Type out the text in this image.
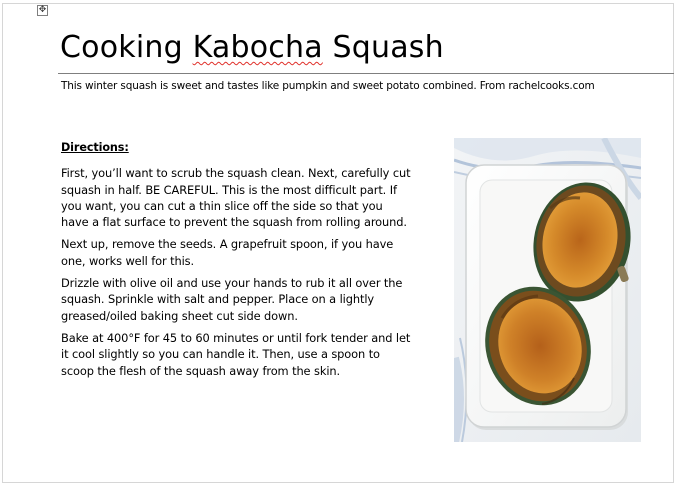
✥
Cooking Kabocha Squash
This winter squash is sweet and tastes like pumpkin and sweet potato combined. From rachelcooks.com

Directions:

First, you’ll want to scrub the squash clean. Next, carefully cut squash in half. BE CAREFUL. This is the most difficult part. If you want, you can cut a thin slice off the side so that you have a flat surface to prevent the squash from rolling around.

Next up, remove the seeds. A grapefruit spoon, if you have one, works well for this.

Drizzle with olive oil and use your hands to rub it all over the squash. Sprinkle with salt and pepper. Place on a lightly greased/oiled baking sheet cut side down.

Bake at 400°F for 45 to 60 minutes or until fork tender and let it cool slightly so you can handle it. Then, use a spoon to scoop the flesh of the squash away from the skin.
